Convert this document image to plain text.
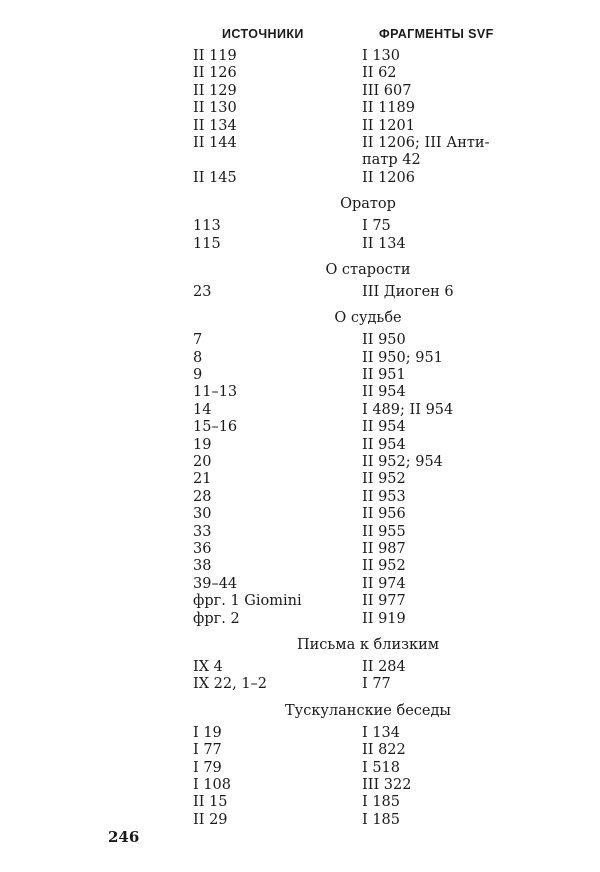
ИСТОЧНИКИ	ФРАГМЕНТЫ SVF
II 119	I 130
II 126	II 62
II 129	III 607
II 130	II 1189
II 134	II 1201
II 144	II 1206; III Анти-патр 42
II 145	II 1206
Оратор
113	I 75
115	II 134
О старости
23	III Диоген 6
О судьбе
7	II 950
8	II 950; 951
9	II 951
11–13	II 954
14	I 489; II 954
15–16	II 954
19	II 954
20	II 952; 954
21	II 952
28	II 953
30	II 956
33	II 955
36	II 987
38	II 952
39–44	II 974
фрг. 1 Giomini	II 977
фрг. 2	II 919
Письма к близким
IX 4	II 284
IX 22, 1–2	I 77
Тускуланские беседы
I 19	I 134
I 77	II 822
I 79	I 518
I 108	III 322
II 15	I 185
II 29	I 185
246
